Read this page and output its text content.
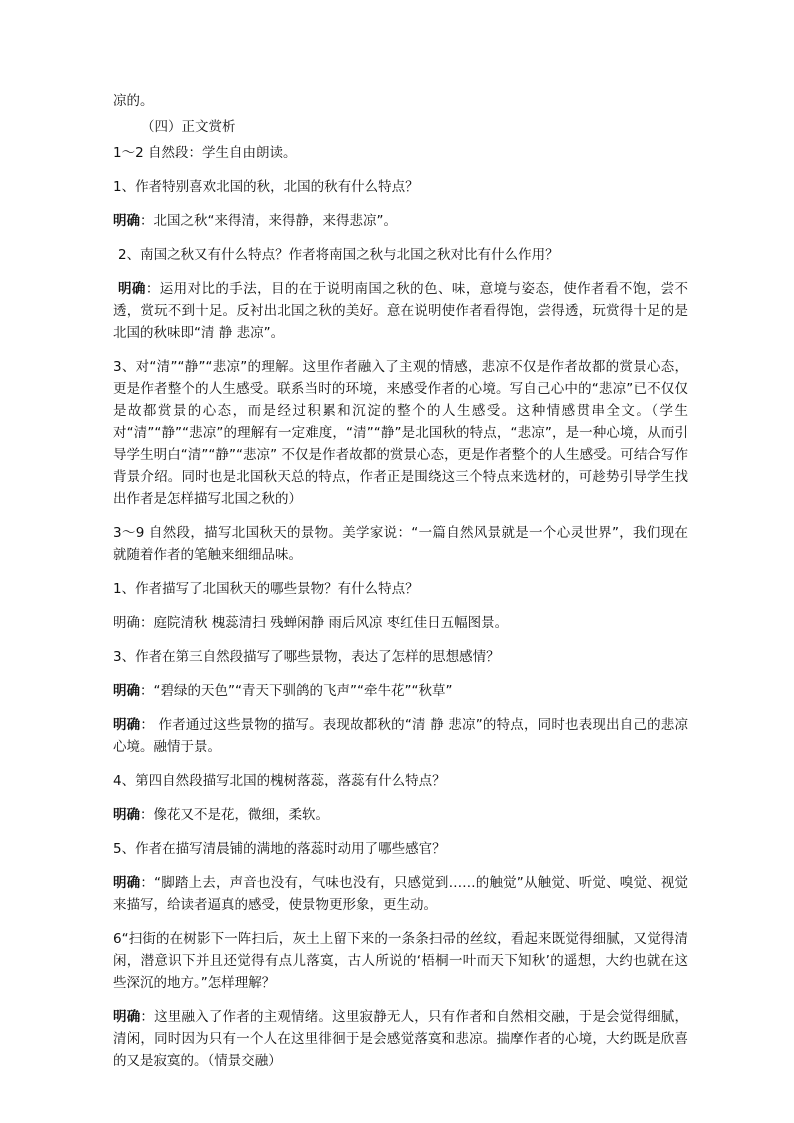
凉的。

（四）正文赏析

1～2 自然段：学生自由朗读。

1、作者特别喜欢北国的秋，北国的秋有什么特点？

明确：北国之秋“来得清，来得静，来得悲凉”。

2、南国之秋又有什么特点？作者将南国之秋与北国之秋对比有什么作用？

明确：运用对比的手法，目的在于说明南国之秋的色、味，意境与姿态，使作者看不饱，尝不透，赏玩不到十足。反衬出北国之秋的美好。意在说明使作者看得饱，尝得透，玩赏得十足的是北国的秋味即“清 静 悲凉”。

3、对“清”“静”“悲凉”的理解。这里作者融入了主观的情感，悲凉不仅是作者故都的赏景心态，更是作者整个的人生感受。联系当时的环境，来感受作者的心境。写自己心中的“悲凉”已不仅仅是故都赏景的心态，而是经过积累和沉淀的整个的人生感受。这种情感贯串全文。（学生对“清”“静”“悲凉”的理解有一定难度，“清”“静”是北国秋的特点，“悲凉”，是一种心境，从而引导学生明白“清”“静”“悲凉” 不仅是作者故都的赏景心态，更是作者整个的人生感受。可结合写作背景介绍。同时也是北国秋天总的特点，作者正是围绕这三个特点来选材的，可趁势引导学生找出作者是怎样描写北国之秋的）

3～9 自然段，描写北国秋天的景物。美学家说：“一篇自然风景就是一个心灵世界”，我们现在就随着作者的笔触来细细品味。

1、作者描写了北国秋天的哪些景物？有什么特点？

明确：庭院清秋 槐蕊清扫 残蝉闲静 雨后风凉 枣红佳日五幅图景。

3、作者在第三自然段描写了哪些景物，表达了怎样的思想感情？

明确：“碧绿的天色”“青天下驯鸽的飞声”“牵牛花”“秋草”

明确： 作者通过这些景物的描写。表现故都秋的“清 静 悲凉”的特点，同时也表现出自己的悲凉心境。融情于景。

4、第四自然段描写北国的槐树落蕊，落蕊有什么特点？

明确：像花又不是花，微细，柔软。

5、作者在描写清晨铺的满地的落蕊时动用了哪些感官？

明确：“脚踏上去，声音也没有，气味也没有，只感觉到……的触觉”从触觉、听觉、嗅觉、视觉来描写，给读者逼真的感受，使景物更形象，更生动。

6“扫街的在树影下一阵扫后，灰土上留下来的一条条扫帚的丝纹，看起来既觉得细腻，又觉得清闲，潜意识下并且还觉得有点儿落寞，古人所说的‘梧桐一叶而天下知秋’的遥想，大约也就在这些深沉的地方。”怎样理解？

明确：这里融入了作者的主观情绪。这里寂静无人，只有作者和自然相交融，于是会觉得细腻，清闲，同时因为只有一个人在这里徘徊于是会感觉落寞和悲凉。揣摩作者的心境，大约既是欣喜的又是寂寞的。（情景交融）
